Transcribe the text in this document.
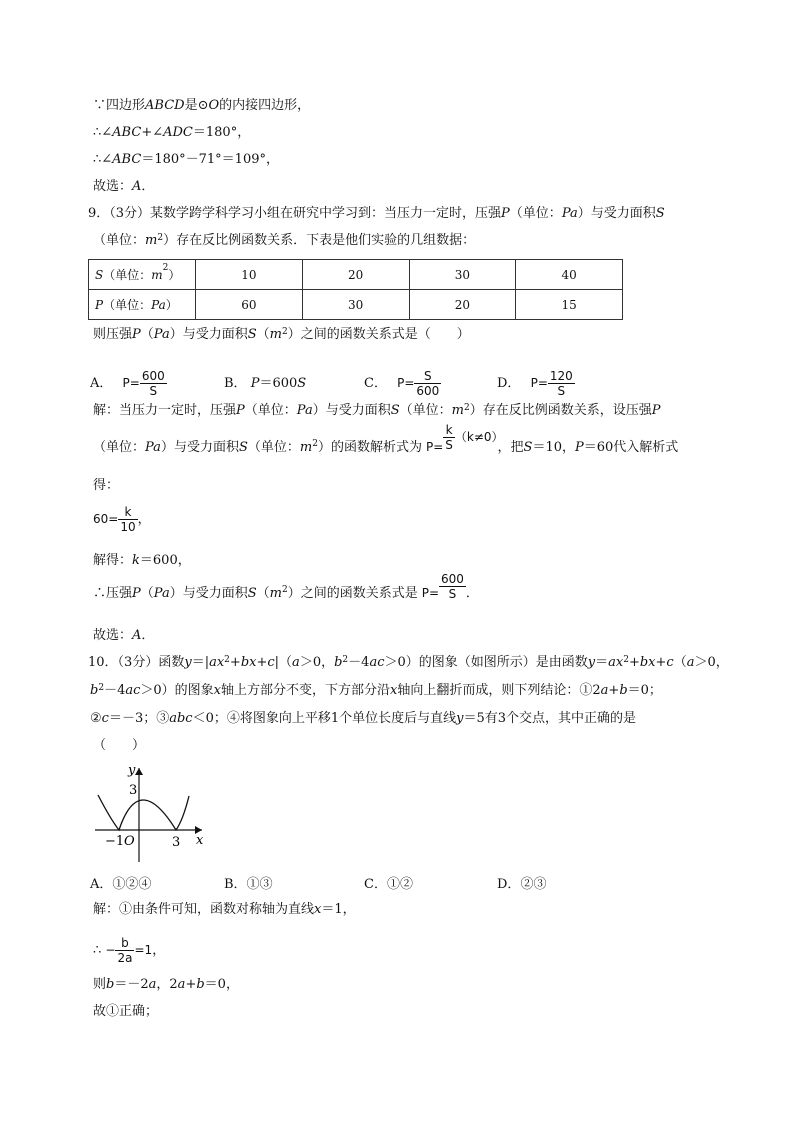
∵四边形ABCD是⊙O的内接四边形，
∴∠ABC+∠ADC＝180°，
∴∠ABC＝180°－71°＝109°，
故选：A．
9．（3分）某数学跨学科学习小组在研究中学习到：当压力一定时，压强P（单位：Pa）与受力面积S
（单位：$m^2$）存在反比例函数关系．下表是他们实验的几组数据：
S（单位：$m^2$）	10	20	30	40
P（单位：Pa）	60	30	20	15
则压强P（Pa）与受力面积$S(m^2)$之间的函数关系式是（　　）
A． $P= \frac{600}{S}$	B． P＝600S	C． $P= \frac{S}{600}$	D． $P= \frac{120}{S}$
解：当压力一定时，压强P（单位：Pa）与受力面积S（单位：$m^2$）存在反比例函数关系，设压强P
（单位：Pa）与受力面积S（单位：$m^2$）的函数解析式为 $P= \frac{k}{S} (k\ne 0)$，把S＝10，P＝60代入解析式
得：
$60= \frac{k}{10}$ ，
解得：k＝600，
∴压强P（Pa）与受力面积$S(m^2)$之间的函数关系式是 $P= \frac{600}{S}$ ．
故选：A．
10．（3分）函数$y=|ax^2+bx+c|(a>0$，$b^2-4ac>0$）的图象（如图所示）是由函数$y=ax^2+bx+c(a>0$，
$b^2-4ac>0$）的图象x轴上方部分不变，下方部分沿x轴向上翻折而成，则下列结论：①2a+b＝0；
②c＝－3；③abc＜0；④将图象向上平移1个单位长度后与直线y＝5有3个交点，其中正确的是
（　　）
y
x
O
−1	3
3
A．①②④	B．①③	C．①②	D．②③
解：①由条件可知，函数对称轴为直线x＝1，
∴ − $\frac{b}{2a} =1$，
则b＝－2a，2a+b＝0，
故①正确；
